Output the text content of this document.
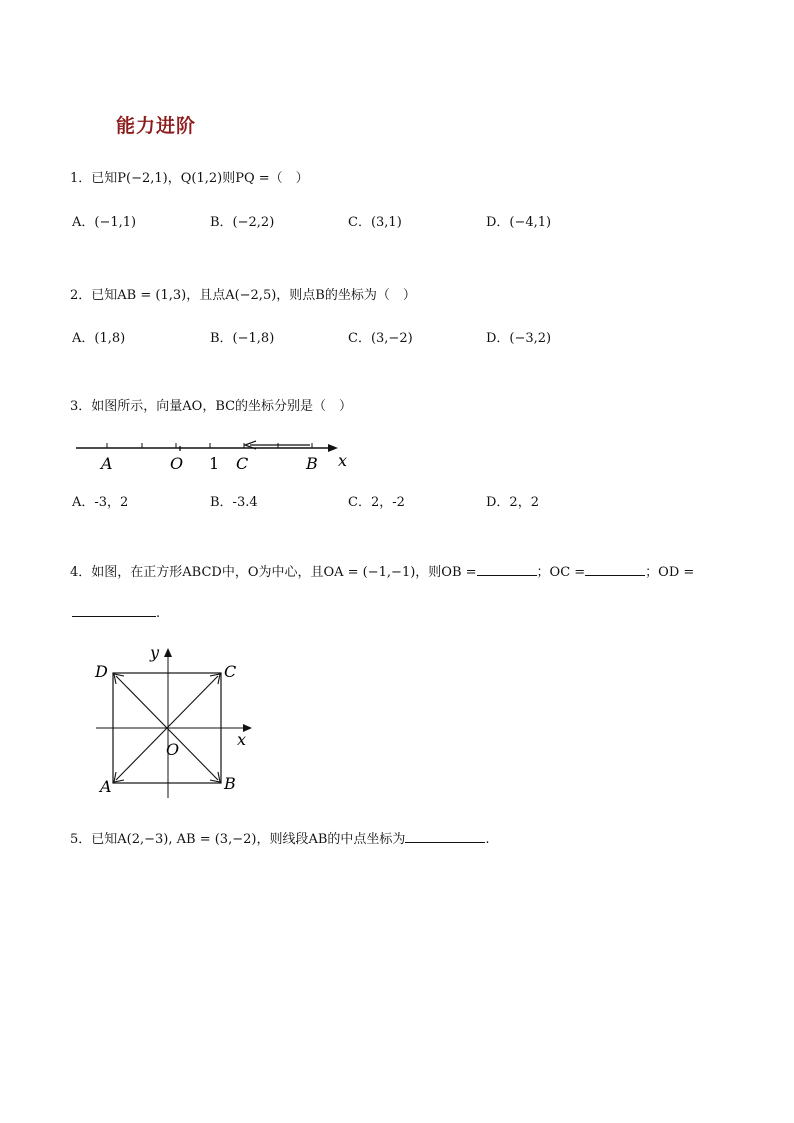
能力进阶
1．已知P(−2,1)，Q(1,2)则PQ =（　）
A．(−1,1)	B．(−2,2)	C．(3,1)	D．(−4,1)
2．已知AB = (1,3)，且点A(−2,5)，则点B的坐标为（　）
A．(1,8)	B．(−1,8)	C．(3,−2)	D．(−3,2)
3．如图所示，向量AO，BC的坐标分别是（　）
A	O 1 C	B x
A．-3，2	B．-3.4	C．2，-2	D．2，2
4．如图，在正方形ABCD中，O为中心，且OA = (−1,−1)，则OB =	；OC =	；OD =
.
D	C
A	B
O
x
y
5．已知A(2,−3), AB = (3,−2)，则线段AB的中点坐标为	.
